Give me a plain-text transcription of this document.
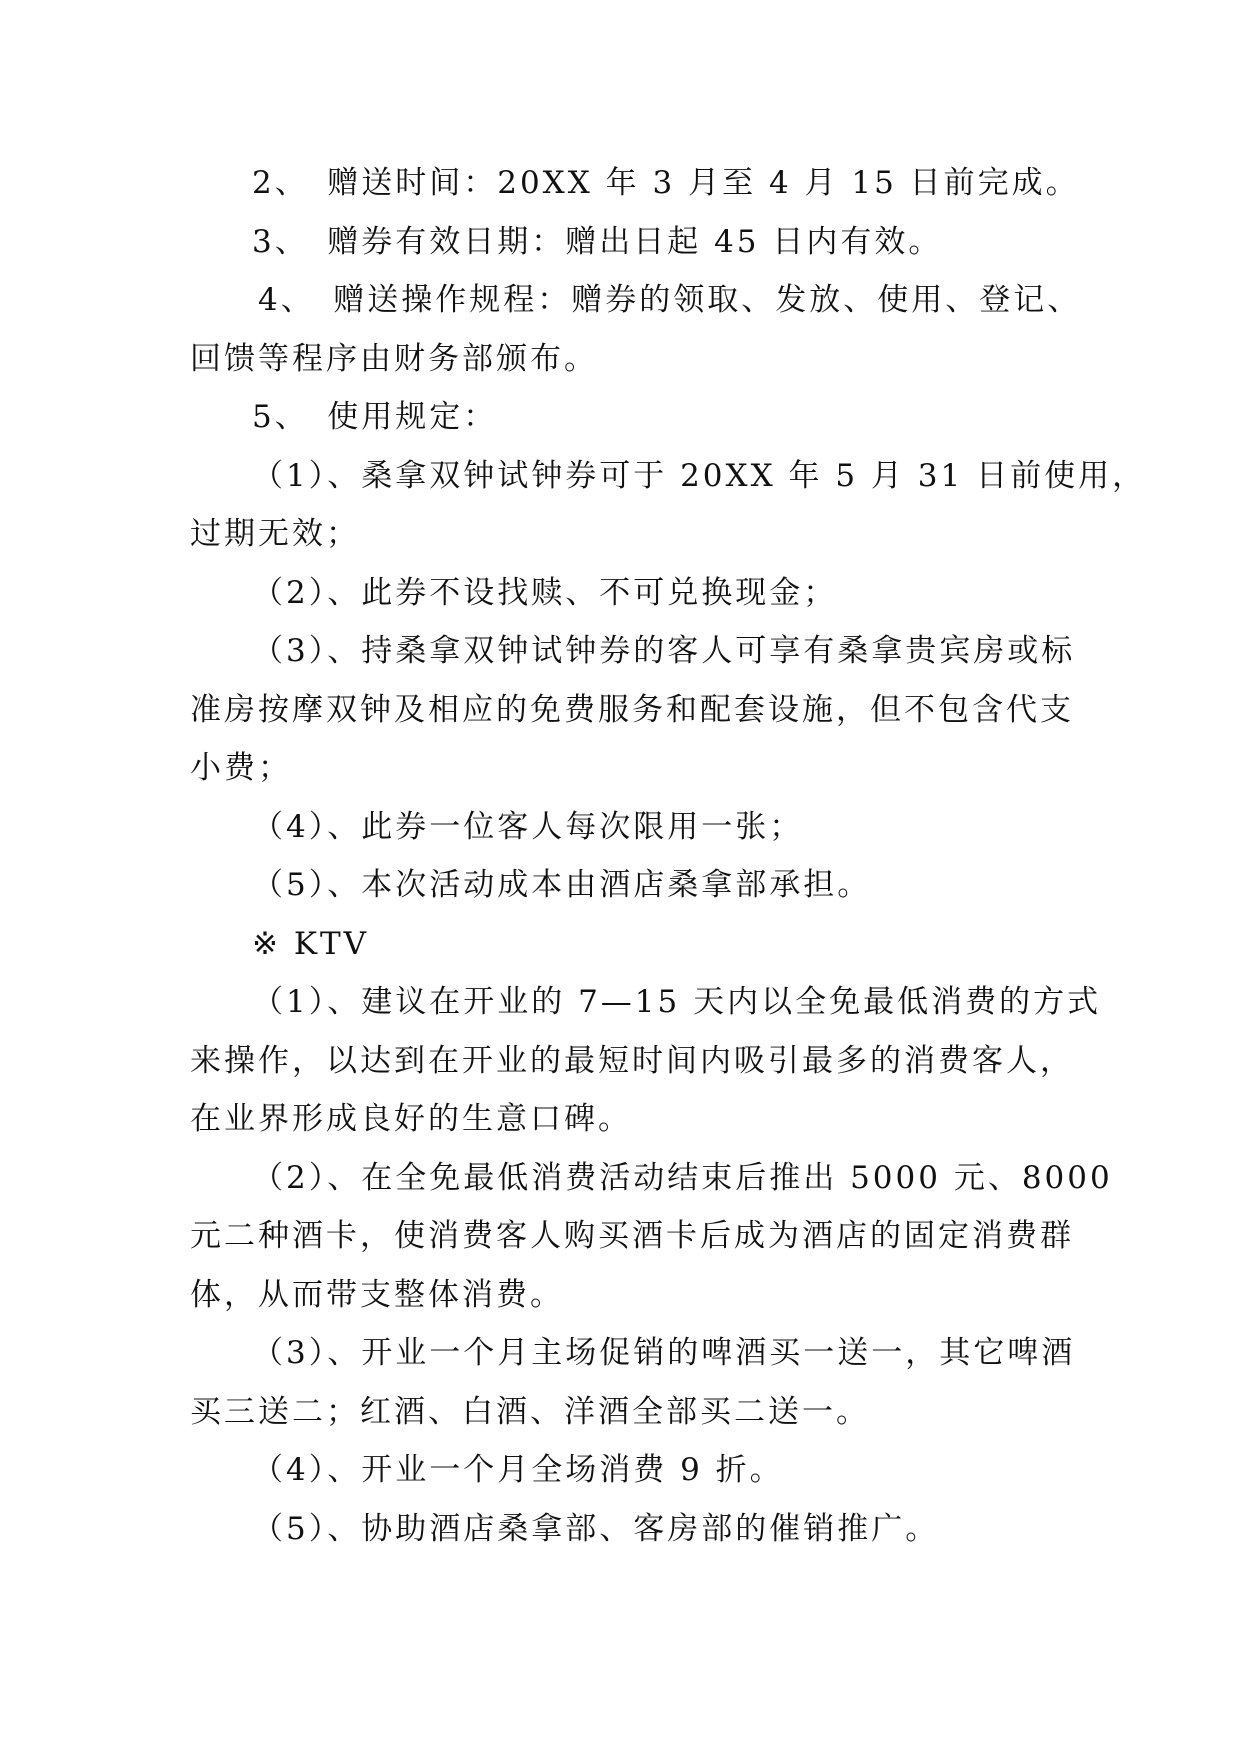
2、　赠送时间：20XX 年 3 月至 4 月 15 日前完成。
3、　赠券有效日期：赠出日起 45 日内有效。
4、　赠送操作规程：赠券的领取、发放、使用、登记、
回馈等程序由财务部颁布。
5、　使用规定：
（1）、桑拿双钟试钟券可于 20XX 年 5 月 31 日前使用，
过期无效；
（2）、此券不设找赎、不可兑换现金；
（3）、持桑拿双钟试钟券的客人可享有桑拿贵宾房或标
准房按摩双钟及相应的免费服务和配套设施，但不包含代支
小费；
（4）、此券一位客人每次限用一张；
（5）、本次活动成本由酒店桑拿部承担。
※ KTV
（1）、建议在开业的 7—15 天内以全免最低消费的方式
来操作，以达到在开业的最短时间内吸引最多的消费客人，
在业界形成良好的生意口碑。
（2）、在全免最低消费活动结束后推出 5000 元、8000
元二种酒卡，使消费客人购买酒卡后成为酒店的固定消费群
体，从而带支整体消费。
（3）、开业一个月主场促销的啤酒买一送一，其它啤酒
买三送二；红酒、白酒、洋酒全部买二送一。
（4）、开业一个月全场消费 9 折。
（5）、协助酒店桑拿部、客房部的催销推广。
